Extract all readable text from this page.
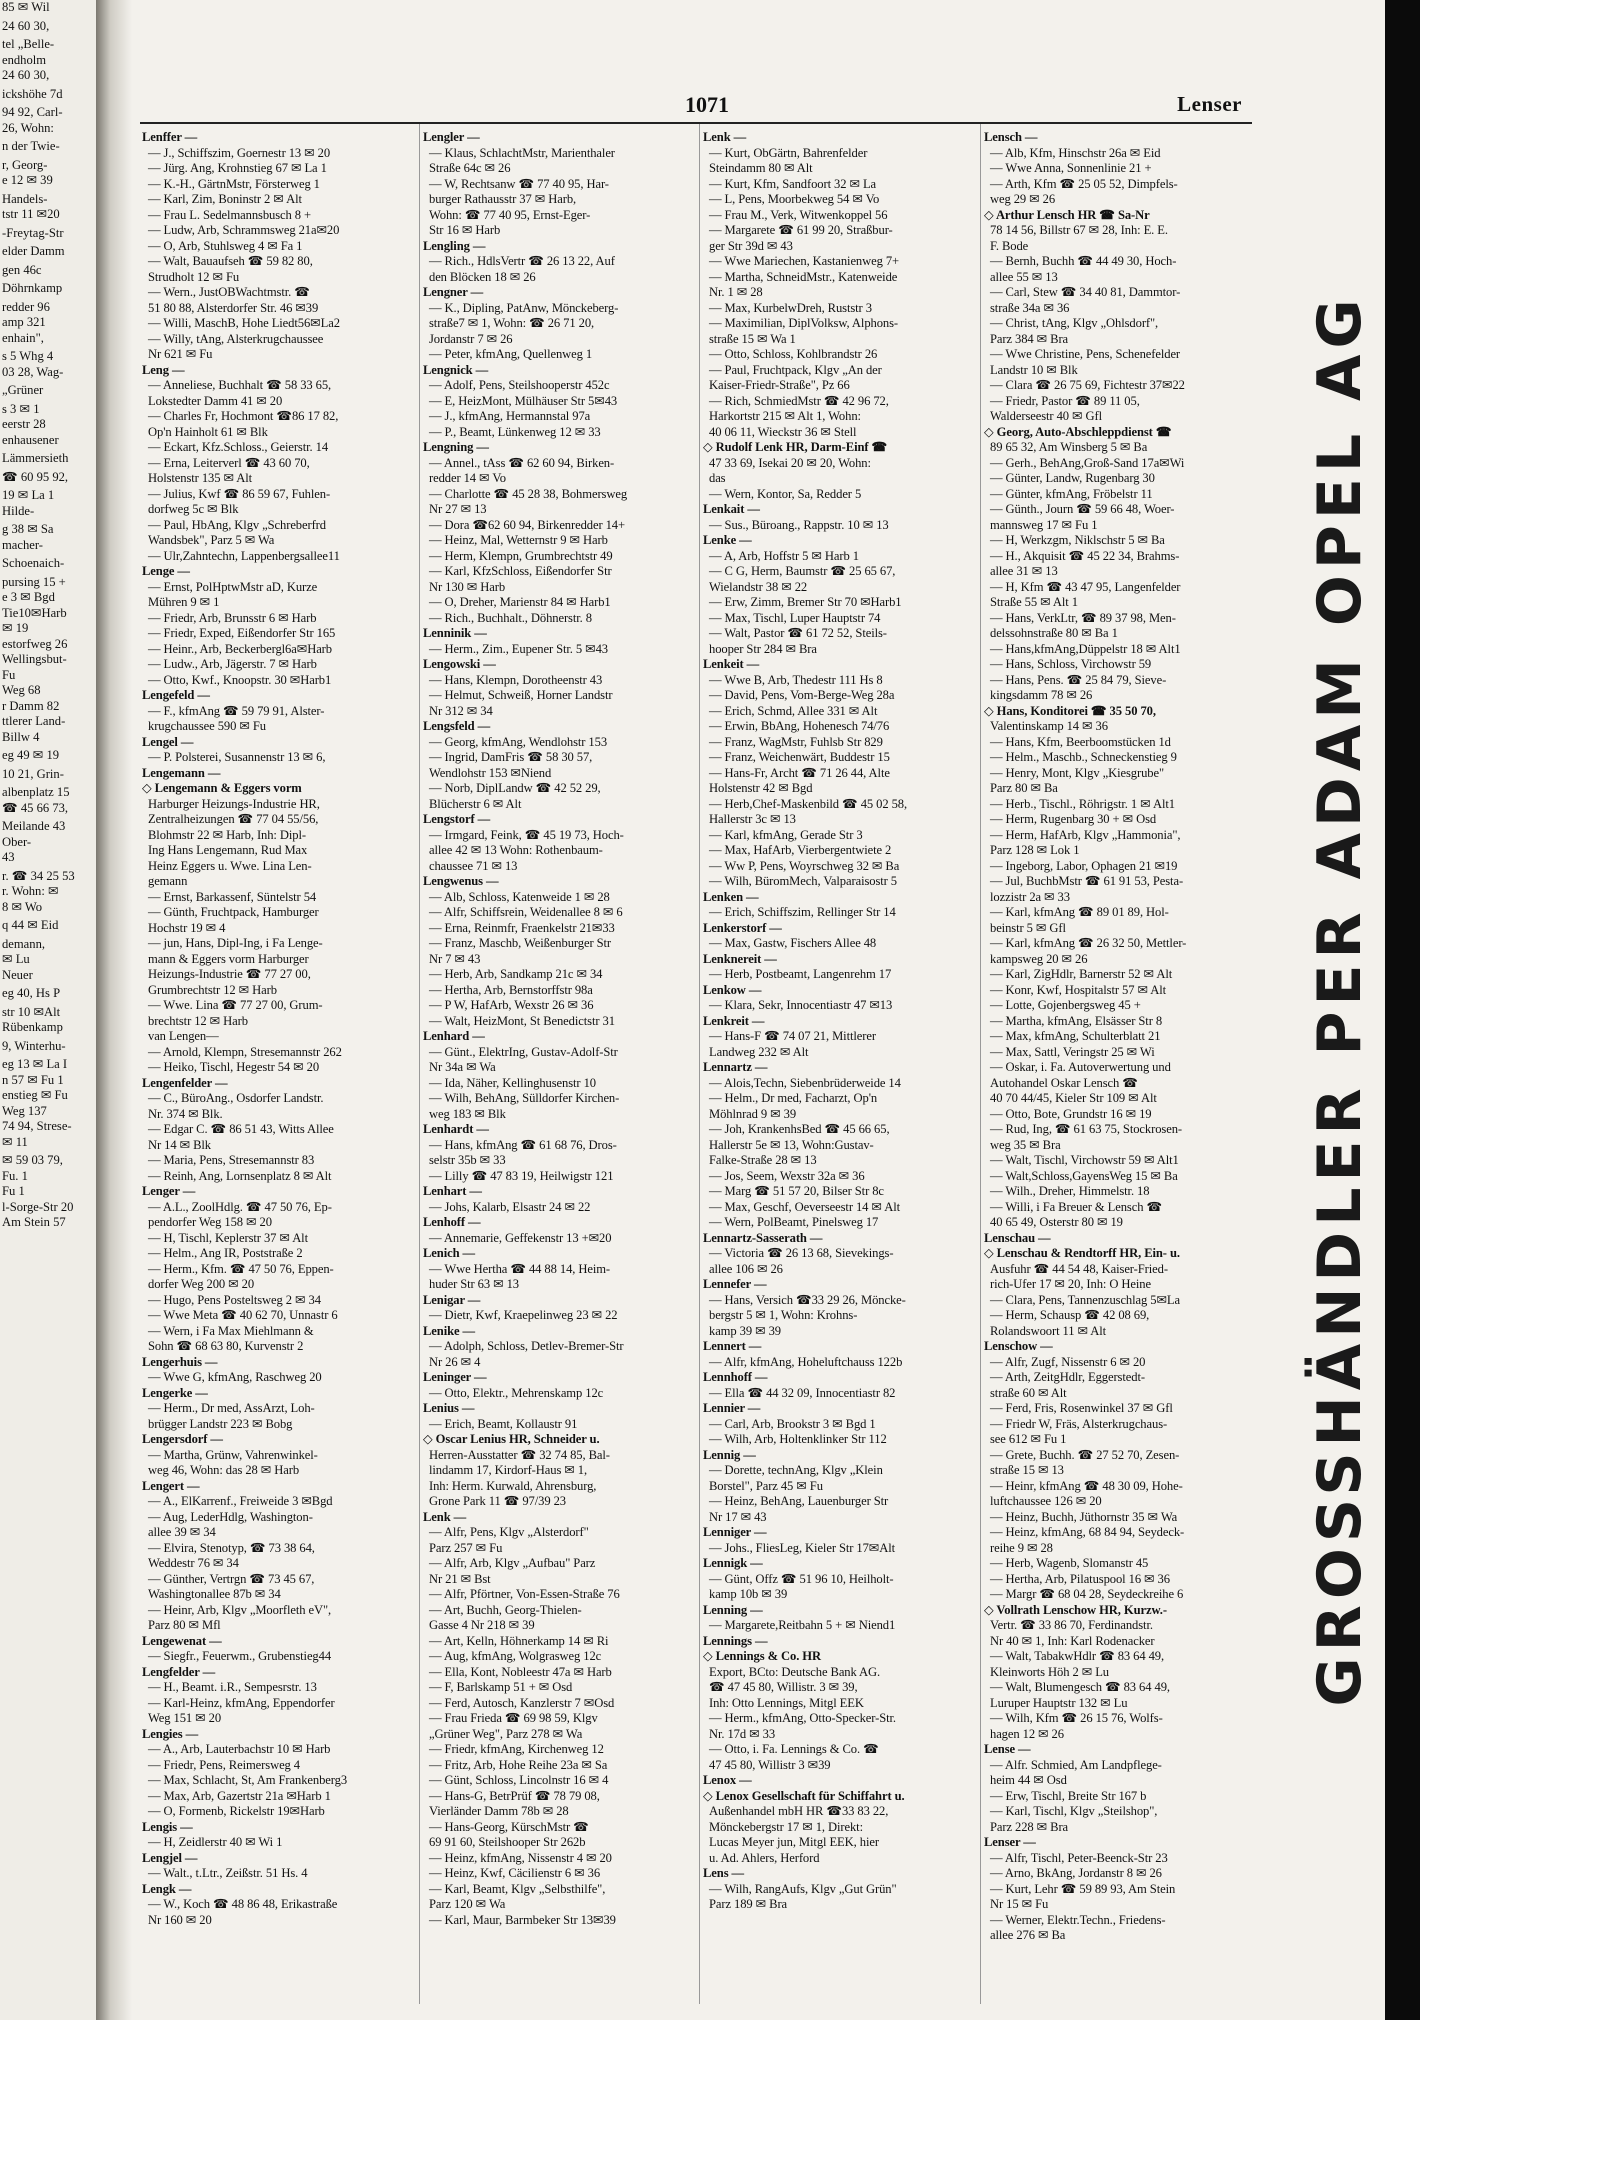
85 ✉ Wil
24 60 30,
tel „Belle-
endholm
24 60 30,
ickshöhe 7d
94 92, Carl-
26, Wohn:
n der Twie-
r, Georg-
e 12 ✉ 39
Handels-
tstr 11 ✉20
-Freytag-Str
elder Damm
gen 46c
Döhrnkamp
redder 96
amp 321
enhain",
s 5 Whg 4
03 28, Wag-
„Grüner
s 3 ✉ 1
eerstr 28
enhausener
Lämmersieth
☎ 60 95 92,
19 ✉ La 1
Hilde-
g 38 ✉ Sa
macher-
Schoenaich-
pursing 15 +
e 3 ✉ Bgd
Tie10✉Harb
✉ 19
estorfweg 26
Wellingsbut-
Fu
Weg 68
r Damm 82
ttlerer Land-
Billw 4
eg 49 ✉ 19
10 21, Grin-
albenplatz 15
☎ 45 66 73,
Meilande 43
Ober-
43
r. ☎ 34 25 53
r. Wohn: ✉
8 ✉ Wo
q 44 ✉ Eid
demann,
✉ Lu
Neuer
eg 40, Hs P
str 10 ✉Alt
Rübenkamp
9, Winterhu-
eg 13 ✉ La I
n 57 ✉ Fu 1
enstieg ✉ Fu
Weg 137
74 94, Strese-
✉ 11
✉ 59 03 79,
Fu. 1
Fu 1
l-Sorge-Str 20
Am Stein 57
1071	Lenser
Lenffer —
— J., Schiffszim, Goernestr 13 ✉ 20
— Jürg. Ang, Krohnstieg 67 ✉ La 1
— K.-H., GärtnMstr, Försterweg 1
— Karl, Zim, Boninstr 2 ✉ Alt
— Frau L. Sedelmannsbusch 8 +
— Ludw, Arb, Schrammsweg 21a✉20
— O, Arb, Stuhlsweg 4 ✉ Fa 1
— Walt, Bauaufseh ☎ 59 82 80,
Strudholt 12 ✉ Fu
— Wern., JustOBWachtmstr. ☎
51 80 88, Alsterdorfer Str. 46 ✉39
— Willi, MaschB, Hohe Liedt56✉La2
— Willy, tAng, Alsterkrugchaussee
Nr 621 ✉ Fu
Leng —
— Anneliese, Buchhalt ☎ 58 33 65,
Lokstedter Damm 41 ✉ 20
— Charles Fr, Hochmont ☎86 17 82,
Op'n Hainholt 61 ✉ Blk
— Eckart, Kfz.Schloss., Geierstr. 14
— Erna, Leiterverl ☎ 43 60 70,
Holstenstr 135 ✉ Alt
— Julius, Kwf ☎ 86 59 67, Fuhlen-
dorfweg 5c ✉ Blk
— Paul, HbAng, Klgv „Schreberfrd
Wandsbek", Parz 5 ✉ Wa
— Ulr,Zahntechn, Lappenbergsallee11
Lenge —
— Ernst, PolHptwMstr aD, Kurze
Mühren 9 ✉ 1
— Friedr, Arb, Brunsstr 6 ✉ Harb
— Friedr, Exped, Eißendorfer Str 165
— Heinr., Arb, Beckerbergl6a✉Harb
— Ludw., Arb, Jägerstr. 7 ✉ Harb
— Otto, Kwf., Knoopstr. 30 ✉Harb1
Lengefeld —
— F., kfmAng ☎ 59 79 91, Alster-
krugchaussee 590 ✉ Fu
Lengel —
— P. Polsterei, Susannenstr 13 ✉ 6,
Lengemann —
◇ Lengemann & Eggers vorm
Harburger Heizungs-Industrie HR,
Zentralheizungen ☎ 77 04 55/56,
Blohmstr 22 ✉ Harb, Inh: Dipl-
Ing Hans Lengemann, Rud Max
Heinz Eggers u. Wwe. Lina Len-
gemann
— Ernst, Barkassenf, Süntelstr 54
— Günth, Fruchtpack, Hamburger
Hochstr 19 ✉ 4
— jun, Hans, Dipl-Ing, i Fa Lenge-
mann & Eggers vorm Harburger
Heizungs-Industrie ☎ 77 27 00,
Grumbrechtstr 12 ✉ Harb
— Wwe. Lina ☎ 77 27 00, Grum-
brechtstr 12 ✉ Harb
van Lengen—
— Arnold, Klempn, Stresemannstr 262
— Heiko, Tischl, Hegestr 54 ✉ 20
Lengenfelder —
— C., BüroAng., Osdorfer Landstr.
Nr. 374 ✉ Blk.
— Edgar C. ☎ 86 51 43, Witts Allee
Nr 14 ✉ Blk
— Maria, Pens, Stresemannstr 83
— Reinh, Ang, Lornsenplatz 8 ✉ Alt
Lenger —
— A.L., ZoolHdlg. ☎ 47 50 76, Ep-
pendorfer Weg 158 ✉ 20
— H, Tischl, Keplerstr 37 ✉ Alt
— Helm., Ang IR, Poststraße 2
— Herm., Kfm. ☎ 47 50 76, Eppen-
dorfer Weg 200 ✉ 20
— Hugo, Pens Posteltsweg 2 ✉ 34
— Wwe Meta ☎ 40 62 70, Unnastr 6
— Wern, i Fa Max Miehlmann &
Sohn ☎ 68 63 80, Kurvenstr 2
Lengerhuis —
— Wwe G, kfmAng, Raschweg 20
Lengerke —
— Herm., Dr med, AssArzt, Loh-
brügger Landstr 223 ✉ Bobg
Lengersdorf —
— Martha, Grünw, Vahrenwinkel-
weg 46, Wohn: das 28 ✉ Harb
Lengert —
— A., ElKarrenf., Freiweide 3 ✉Bgd
— Aug, LederHdlg, Washington-
allee 39 ✉ 34
— Elvira, Stenotyp, ☎ 73 38 64,
Weddestr 76 ✉ 34
— Günther, Vertrgn ☎ 73 45 67,
Washingtonallee 87b ✉ 34
— Heinr, Arb, Klgv „Moorfleth eV",
Parz 80 ✉ Mfl
Lengewenat —
— Siegfr., Feuerwm., Grubenstieg44
Lengfelder —
— H., Beamt. i.R., Sempesrstr. 13
— Karl-Heinz, kfmAng, Eppendorfer
Weg 151 ✉ 20
Lengies —
— A., Arb, Lauterbachstr 10 ✉ Harb
— Friedr, Pens, Reimersweg 4
— Max, Schlacht, St, Am Frankenberg3
— Max, Arb, Gazertstr 21a ✉Harb 1
— O, Formenb, Rickelstr 19✉Harb
Lengis —
— H, Zeidlerstr 40 ✉ Wi 1
Lengjel —
— Walt., t.Ltr., Zeißstr. 51 Hs. 4
Lengk —
— W., Koch ☎ 48 86 48, Erikastraße
Nr 160 ✉ 20
Lengler —
— Klaus, SchlachtMstr, Marienthaler
Straße 64c ✉ 26
— W, Rechtsanw ☎ 77 40 95, Har-
burger Rathausstr 37 ✉ Harb,
Wohn: ☎ 77 40 95, Ernst-Eger-
Str 16 ✉ Harb
Lengling —
— Rich., HdlsVertr ☎ 26 13 22, Auf
den Blöcken 18 ✉ 26
Lengner —
— K., Dipling, PatAnw, Mönckeberg-
straße7 ✉ 1, Wohn: ☎ 26 71 20,
Jordanstr 7 ✉ 26
— Peter, kfmAng, Quellenweg 1
Lengnick —
— Adolf, Pens, Steilshooperstr 452c
— E, HeizMont, Mülhäuser Str 5✉43
— J., kfmAng, Hermannstal 97a
— P., Beamt, Lünkenweg 12 ✉ 33
Lengning —
— Annel., tAss ☎ 62 60 94, Birken-
redder 14 ✉ Vo
— Charlotte ☎ 45 28 38, Bohmersweg
Nr 27 ✉ 13
— Dora ☎62 60 94, Birkenredder 14+
— Heinz, Mal, Wetternstr 9 ✉ Harb
— Herm, Klempn, Grumbrechtstr 49
— Karl, KfzSchloss, Eißendorfer Str
Nr 130 ✉ Harb
— O, Dreher, Marienstr 84 ✉ Harb1
— Rich., Buchhalt., Döhnerstr. 8
Lenninik —
— Herm., Zim., Eupener Str. 5 ✉43
Lengowski —
— Hans, Klempn, Dorotheenstr 43
— Helmut, Schweiß, Horner Landstr
Nr 312 ✉ 34
Lengsfeld —
— Georg, kfmAng, Wendlohstr 153
— Ingrid, DamFris ☎ 58 30 57,
Wendlohstr 153 ✉Niend
— Norb, DiplLandw ☎ 42 52 29,
Blücherstr 6 ✉ Alt
Lengstorf —
— Irmgard, Feink, ☎ 45 19 73, Hoch-
allee 42 ✉ 13 Wohn: Rothenbaum-
chaussee 71 ✉ 13
Lengwenus —
— Alb, Schloss, Katenweide 1 ✉ 28
— Alfr, Schiffsrein, Weidenallee 8 ✉ 6
— Erna, Reinmfr, Fraenkelstr 21✉33
— Franz, Maschb, Weißenburger Str
Nr 7 ✉ 43
— Herb, Arb, Sandkamp 21c ✉ 34
— Hertha, Arb, Bernstorffstr 98a
— P W, HafArb, Wexstr 26 ✉ 36
— Walt, HeizMont, St Benedictstr 31
Lenhard —
— Günt., ElektrIng, Gustav-Adolf-Str
Nr 34a ✉ Wa
— Ida, Näher, Kellinghusenstr 10
— Wilh, BehAng, Sülldorfer Kirchen-
weg 183 ✉ Blk
Lenhardt —
— Hans, kfmAng ☎ 61 68 76, Dros-
selstr 35b ✉ 33
— Lilly ☎ 47 83 19, Heilwigstr 121
Lenhart —
— Johs, Kalarb, Elsastr 24 ✉ 22
Lenhoff —
— Annemarie, Geffekenstr 13 +✉20
Lenich —
— Wwe Hertha ☎ 44 88 14, Heim-
huder Str 63 ✉ 13
Lenigar —
— Dietr, Kwf, Kraepelinweg 23 ✉ 22
Lenike —
— Adolph, Schloss, Detlev-Bremer-Str
Nr 26 ✉ 4
Leninger —
— Otto, Elektr., Mehrenskamp 12c
Lenius —
— Erich, Beamt, Kollaustr 91
◇ Oscar Lenius HR, Schneider u.
Herren-Ausstatter ☎ 32 74 85, Bal-
lindamm 17, Kirdorf-Haus ✉ 1,
Inh: Herm. Kurwald, Ahrensburg,
Grone Park 11 ☎ 97/39 23
Lenk —
— Alfr, Pens, Klgv „Alsterdorf"
Parz 257 ✉ Fu
— Alfr, Arb, Klgv „Aufbau" Parz
Nr 21 ✉ Bst
— Alfr, Pförtner, Von-Essen-Straße 76
— Art, Buchh, Georg-Thielen-
Gasse 4 Nr 218 ✉ 39
— Art, Kelln, Höhnerkamp 14 ✉ Ri
— Aug, kfmAng, Wolgrasweg 12c
— Ella, Kont, Nobleestr 47a ✉ Harb
— F, Barlskamp 51 + ✉ Osd
— Ferd, Autosch, Kanzlerstr 7 ✉Osd
— Frau Frieda ☎ 69 98 59, Klgv
„Grüner Weg", Parz 278 ✉ Wa
— Friedr, kfmAng, Kirchenweg 12
— Fritz, Arb, Hohe Reihe 23a ✉ Sa
— Günt, Schloss, Lincolnstr 16 ✉ 4
— Hans-G, BetrPrüf ☎ 78 79 08,
Vierländer Damm 78b ✉ 28
— Hans-Georg, KürschMstr ☎
69 91 60, Steilshooper Str 262b
— Heinz, kfmAng, Nissenstr 4 ✉ 20
— Heinz, Kwf, Cäcilienstr 6 ✉ 36
— Karl, Beamt, Klgv „Selbsthilfe",
Parz 120 ✉ Wa
— Karl, Maur, Barmbeker Str 13✉39
Lenk —
— Kurt, ObGärtn, Bahrenfelder
Steindamm 80 ✉ Alt
— Kurt, Kfm, Sandfoort 32 ✉ La
— L, Pens, Moorbekweg 54 ✉ Vo
— Frau M., Verk, Witwenkoppel 56
— Margarete ☎ 61 99 20, Straßbur-
ger Str 39d ✉ 43
— Wwe Mariechen, Kastanienweg 7+
— Martha, SchneidMstr., Katenweide
Nr. 1 ✉ 28
— Max, KurbelwDreh, Ruststr 3
— Maximilian, DiplVolksw, Alphons-
straße 15 ✉ Wa 1
— Otto, Schloss, Kohlbrandstr 26
— Paul, Fruchtpack, Klgv „An der
Kaiser-Friedr-Straße", Pz 66
— Rich, SchmiedMstr ☎ 42 96 72,
Harkortstr 215 ✉ Alt 1, Wohn:
40 06 11, Wieckstr 36 ✉ Stell
◇ Rudolf Lenk HR, Darm-Einf ☎
47 33 69, Isekai 20 ✉ 20, Wohn:
das
— Wern, Kontor, Sa, Redder 5
Lenkait —
— Sus., Büroang., Rappstr. 10 ✉ 13
Lenke —
— A, Arb, Hoffstr 5 ✉ Harb 1
— C G, Herm, Baumstr ☎ 25 65 67,
Wielandstr 38 ✉ 22
— Erw, Zimm, Bremer Str 70 ✉Harb1
— Max, Tischl, Luper Hauptstr 74
— Walt, Pastor ☎ 61 72 52, Steils-
hooper Str 284 ✉ Bra
Lenkeit —
— Wwe B, Arb, Thedestr 111 Hs 8
— David, Pens, Vom-Berge-Weg 28a
— Erich, Schmd, Allee 331 ✉ Alt
— Erwin, BbAng, Hohenesch 74/76
— Franz, WagMstr, Fuhlsb Str 829
— Franz, Weichenwärt, Buddestr 15
— Hans-Fr, Archt ☎ 71 26 44, Alte
Holstenstr 42 ✉ Bgd
— Herb,Chef-Maskenbild ☎ 45 02 58,
Hallerstr 3c ✉ 13
— Karl, kfmAng, Gerade Str 3
— Max, HafArb, Vierbergentwiete 2
— Ww P, Pens, Woyrschweg 32 ✉ Ba
— Wilh, BüromMech, Valparaisostr 5
Lenken —
— Erich, Schiffszim, Rellinger Str 14
Lenkerstorf —
— Max, Gastw, Fischers Allee 48
Lenknereit —
— Herb, Postbeamt, Langenrehm 17
Lenkow —
— Klara, Sekr, Innocentiastr 47 ✉13
Lenkreit —
— Hans-F ☎ 74 07 21, Mittlerer
Landweg 232 ✉ Alt
Lennartz —
— Alois,Techn, Siebenbrüderweide 14
— Helm., Dr med, Facharzt, Op'n
Möhlnrad 9 ✉ 39
— Joh, KrankenhsBed ☎ 45 66 65,
Hallerstr 5e ✉ 13, Wohn:Gustav-
Falke-Straße 28 ✉ 13
— Jos, Seem, Wexstr 32a ✉ 36
— Marg ☎ 51 57 20, Bilser Str 8c
— Max, Geschf, Oeverseestr 14 ✉ Alt
— Wern, PolBeamt, Pinelsweg 17
Lennartz-Sasserath —
— Victoria ☎ 26 13 68, Sievekings-
allee 106 ✉ 26
Lennefer —
— Hans, Versich ☎33 29 26, Möncke-
bergstr 5 ✉ 1, Wohn: Krohns-
kamp 39 ✉ 39
Lennert —
— Alfr, kfmAng, Hoheluftchauss 122b
Lennhoff —
— Ella ☎ 44 32 09, Innocentiastr 82
Lennier —
— Carl, Arb, Brookstr 3 ✉ Bgd 1
— Wilh, Arb, Holtenklinker Str 112
Lennig —
— Dorette, technAng, Klgv „Klein
Borstel", Parz 45 ✉ Fu
— Heinz, BehAng, Lauenburger Str
Nr 17 ✉ 43
Lenniger —
— Johs., FliesLeg, Kieler Str 17✉Alt
Lennigk —
— Günt, Offz ☎ 51 96 10, Heilholt-
kamp 10b ✉ 39
Lenning —
— Margarete,Reitbahn 5 + ✉ Niend1
Lennings —
◇ Lennings & Co. HR
Export, BCto: Deutsche Bank AG.
☎ 47 45 80, Willistr. 3 ✉ 39,
Inh: Otto Lennings, Mitgl EEK
— Herm., kfmAng, Otto-Specker-Str.
Nr. 17d ✉ 33
— Otto, i. Fa. Lennings & Co. ☎
47 45 80, Willistr 3 ✉39
Lenox —
◇ Lenox Gesellschaft für Schiffahrt u.
Außenhandel mbH HR ☎33 83 22,
Mönckebergstr 17 ✉ 1, Direkt:
Lucas Meyer jun, Mitgl EEK, hier
u. Ad. Ahlers, Herford
Lens —
— Wilh, RangAufs, Klgv „Gut Grün"
Parz 189 ✉ Bra
Lensch —
— Alb, Kfm, Hinschstr 26a ✉ Eid
— Wwe Anna, Sonnenlinie 21 +
— Arth, Kfm ☎ 25 05 52, Dimpfels-
weg 29 ✉ 26
◇ Arthur Lensch HR ☎ Sa-Nr
78 14 56, Billstr 67 ✉ 28, Inh: E. E.
F. Bode
— Bernh, Buchh ☎ 44 49 30, Hoch-
allee 55 ✉ 13
— Carl, Stew ☎ 34 40 81, Dammtor-
straße 34a ✉ 36
— Christ, tAng, Klgv „Ohlsdorf",
Parz 384 ✉ Bra
— Wwe Christine, Pens, Schenefelder
Landstr 10 ✉ Blk
— Clara ☎ 26 75 69, Fichtestr 37✉22
— Friedr, Pastor ☎ 89 11 05,
Walderseestr 40 ✉ Gfl
◇ Georg, Auto-Abschleppdienst ☎
89 65 32, Am Winsberg 5 ✉ Ba
— Gerh., BehAng,Groß-Sand 17a✉Wi
— Günter, Landw, Rugenbarg 30
— Günter, kfmAng, Fröbelstr 11
— Günth., Journ ☎ 59 66 48, Woer-
mannsweg 17 ✉ Fu 1
— H, Werkzgm, Niklschstr 5 ✉ Ba
— H., Akquisit ☎ 45 22 34, Brahms-
allee 31 ✉ 13
— H, Kfm ☎ 43 47 95, Langenfelder
Straße 55 ✉ Alt 1
— Hans, VerkLtr, ☎ 89 37 98, Men-
delssohnstraße 80 ✉ Ba 1
— Hans,kfmAng,Düppelstr 18 ✉ Alt1
— Hans, Schloss, Virchowstr 59
— Hans, Pens. ☎ 25 84 79, Sieve-
kingsdamm 78 ✉ 26
◇ Hans, Konditorei ☎ 35 50 70,
Valentinskamp 14 ✉ 36
— Hans, Kfm, Beerboomstücken 1d
— Helm., Maschb., Schneckenstieg 9
— Henry, Mont, Klgv „Kiesgrube"
Parz 80 ✉ Ba
— Herb., Tischl., Röhrigstr. 1 ✉ Alt1
— Herm, Rugenbarg 30 + ✉ Osd
— Herm, HafArb, Klgv „Hammonia",
Parz 128 ✉ Lok 1
— Ingeborg, Labor, Ophagen 21 ✉19
— Jul, BuchbMstr ☎ 61 91 53, Pesta-
lozzistr 2a ✉ 33
— Karl, kfmAng ☎ 89 01 89, Hol-
beinstr 5 ✉ Gfl
— Karl, kfmAng ☎ 26 32 50, Mettler-
kampsweg 20 ✉ 26
— Karl, ZigHdlr, Barnerstr 52 ✉ Alt
— Konr, Kwf, Hospitalstr 57 ✉ Alt
— Lotte, Gojenbergsweg 45 +
— Martha, kfmAng, Elsässer Str 8
— Max, kfmAng, Schulterblatt 21
— Max, Sattl, Veringstr 25 ✉ Wi
— Oskar, i. Fa. Autoverwertung und
Autohandel Oskar Lensch ☎
40 70 44/45, Kieler Str 109 ✉ Alt
— Otto, Bote, Grundstr 16 ✉ 19
— Rud, Ing, ☎ 61 63 75, Stockrosen-
weg 35 ✉ Bra
— Walt, Tischl, Virchowstr 59 ✉ Alt1
— Walt,Schloss,GayensWeg 15 ✉ Ba
— Wilh., Dreher, Himmelstr. 18
— Willi, i Fa Breuer & Lensch ☎
40 65 49, Osterstr 80 ✉ 19
Lenschau —
◇ Lenschau & Rendtorff HR, Ein- u.
Ausfuhr ☎ 44 54 48, Kaiser-Fried-
rich-Ufer 17 ✉ 20, Inh: O Heine
— Clara, Pens, Tannenzuschlag 5✉La
— Herm, Schausp ☎ 42 08 69,
Rolandswoort 11 ✉ Alt
Lenschow —
— Alfr, Zugf, Nissenstr 6 ✉ 20
— Arth, ZeitgHdlr, Eggerstedt-
straße 60 ✉ Alt
— Ferd, Fris, Rosenwinkel 37 ✉ Gfl
— Friedr W, Fräs, Alsterkrugchaus-
see 612 ✉ Fu 1
— Grete, Buchh. ☎ 27 52 70, Zesen-
straße 15 ✉ 13
— Heinr, kfmAng ☎ 48 30 09, Hohe-
luftchaussee 126 ✉ 20
— Heinz, Buchh, Jüthornstr 35 ✉ Wa
— Heinz, kfmAng, 68 84 94, Seydeck-
reihe 9 ✉ 28
— Herb, Wagenb, Slomanstr 45
— Hertha, Arb, Pilatuspool 16 ✉ 36
— Margr ☎ 68 04 28, Seydeckreihe 6
◇ Vollrath Lenschow HR, Kurzw.-
Vertr. ☎ 33 86 70, Ferdinandstr.
Nr 40 ✉ 1, Inh: Karl Rodenacker
— Walt, TabakwHdlr ☎ 83 64 49,
Kleinworts Höh 2 ✉ Lu
— Walt, Blumengesch ☎ 83 64 49,
Luruper Hauptstr 132 ✉ Lu
— Wilh, Kfm ☎ 26 15 76, Wolfs-
hagen 12 ✉ 26
Lense —
— Alfr. Schmied, Am Landpflege-
heim 44 ✉ Osd
— Erw, Tischl, Breite Str 167 b
— Karl, Tischl, Klgv „Steilshop",
Parz 228 ✉ Bra
Lenser —
— Alfr, Tischl, Peter-Beenck-Str 23
— Arno, BkAng, Jordanstr 8 ✉ 26
— Kurt, Lehr ☎ 59 89 93, Am Stein
Nr 15 ✉ Fu
— Werner, Elektr.Techn., Friedens-
allee 276 ✉ Ba
GROSSHÄNDLER PER ADAM OPEL AG
